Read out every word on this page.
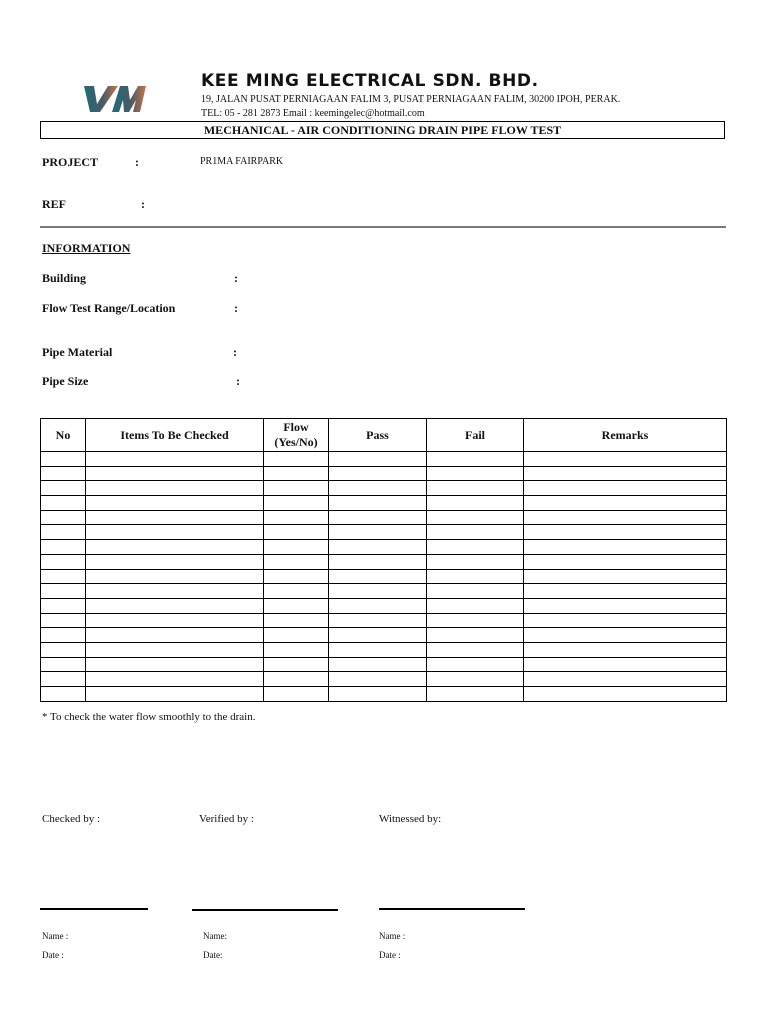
KEE MING ELECTRICAL SDN. BHD.
19, JALAN PUSAT PERNIAGAAN FALIM 3, PUSAT PERNIAGAAN FALIM, 30200 IPOH, PERAK.
TEL: 05 - 281 2873 Email : keemingelec@hotmail.com
MECHANICAL - AIR CONDITIONING DRAIN PIPE FLOW TEST
PROJECT	:	PR1MA FAIRPARK
REF	:
INFORMATION
Building	:
Flow Test Range/Location	:
Pipe Material	:
Pipe Size	:
No	Items To Be Checked	Flow (Yes/No)	Pass	Fail	Remarks

* To check the water flow smoothly to the drain.
Checked by :	Verified by :	Witnessed by:
Name :	Name:	Name :
Date :	Date:	Date :
